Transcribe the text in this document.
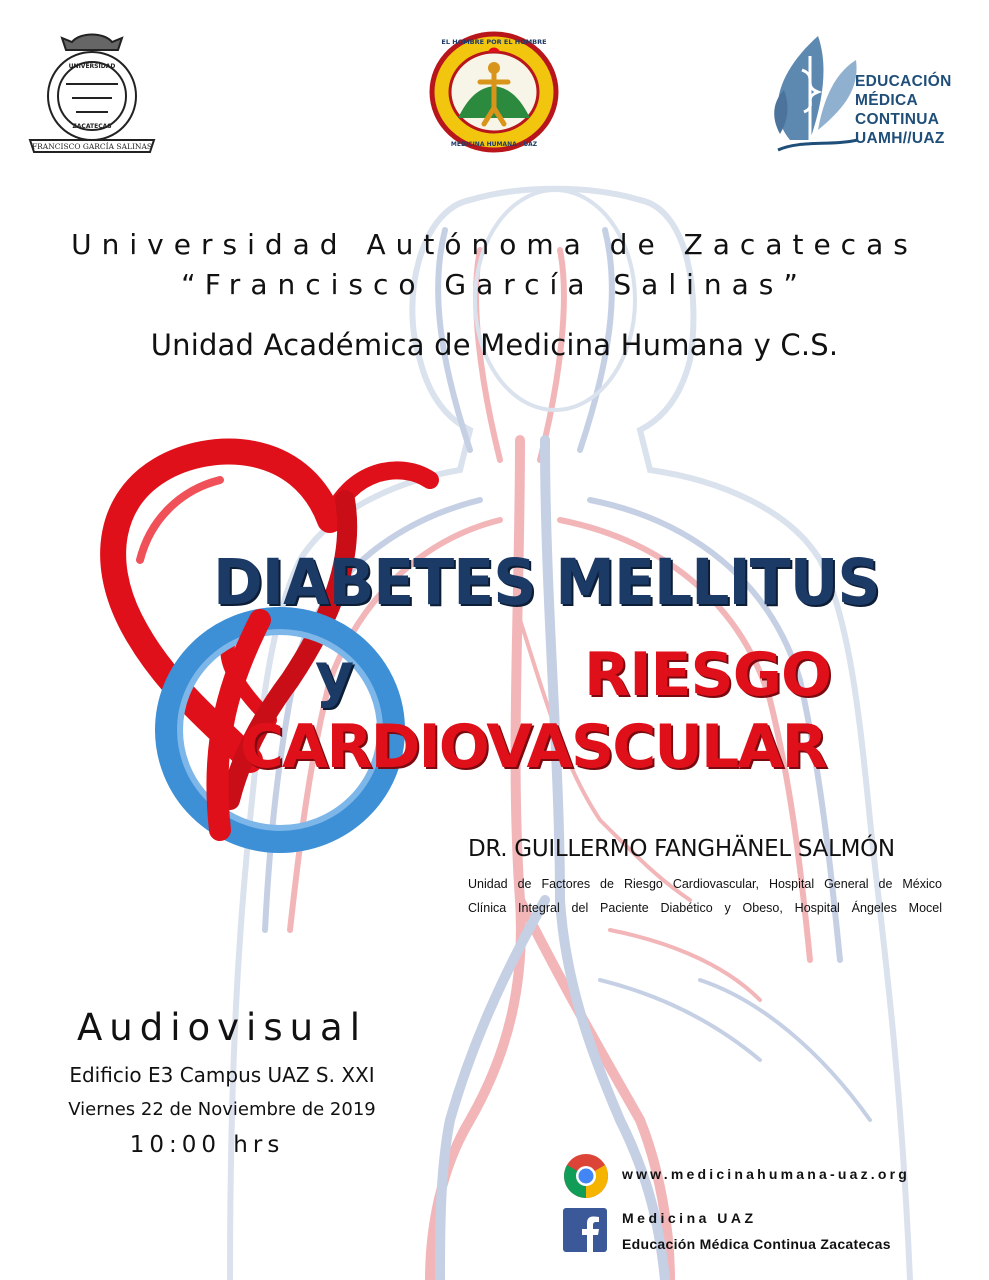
FRANCISCO GARCÍA SALINAS
UNIVERSIDAD
ZACATECAS
EL HOMBRE POR EL HOMBRE
MEDICINA HUMANA - UAZ
EDUCACIÓN
MÉDICA
CONTINUA
UAMH//UAZ
Universidad Autónoma de Zacatecas
“Francisco García Salinas”
Unidad Académica de Medicina Humana y C.S.
DIABETES MELLITUS
y	RIESGO
CARDIOVASCULAR
DR. GUILLERMO FANGHÄNEL SALMÓN
Unidad de Factores de Riesgo Cardiovascular, Hospital General de México
Clínica Integral del Paciente Diabético y Obeso, Hospital Ángeles Mocel
Audiovisual
Edificio E3 Campus UAZ S. XXI
Viernes 22 de Noviembre de 2019
10:00 hrs
www.medicinahumana-uaz.org
Medicina UAZ
Educación Médica Continua Zacatecas
